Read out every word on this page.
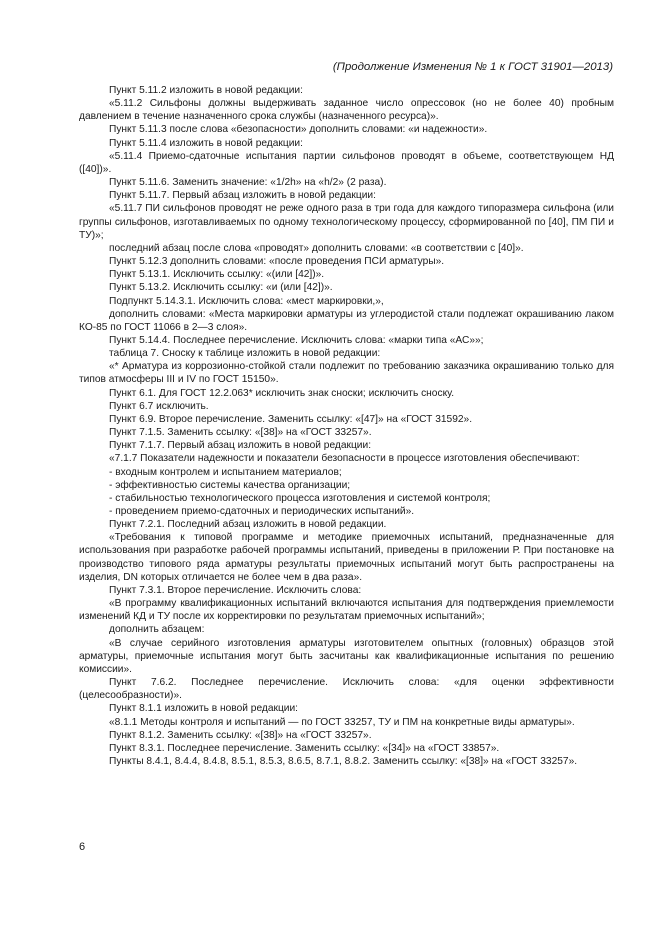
(Продолжение Изменения № 1 к ГОСТ 31901—2013)

Пункт 5.11.2 изложить в новой редакции:

«5.11.2 Сильфоны должны выдерживать заданное число опрессовок (но не более 40) пробным давлением в течение назначенного срока службы (назначенного ресурса)».

Пункт 5.11.3 после слова «безопасности» дополнить словами: «и надежности».

Пункт 5.11.4 изложить в новой редакции:

«5.11.4 Приемо-сдаточные испытания партии сильфонов проводят в объеме, соответствующем НД ([40])».

Пункт 5.11.6. Заменить значение: «1/2h» на «h/2» (2 раза).

Пункт 5.11.7. Первый абзац изложить в новой редакции:

«5.11.7 ПИ сильфонов проводят не реже одного раза в три года для каждого типоразмера сильфона (или группы сильфонов, изготавливаемых по одному технологическому процессу, сформированной по [40], ПМ ПИ и ТУ)»;

последний абзац после слова «проводят» дополнить словами: «в соответствии с [40]».

Пункт 5.12.3 дополнить словами: «после проведения ПСИ арматуры».

Пункт 5.13.1. Исключить ссылку: «(или [42])».

Пункт 5.13.2. Исключить ссылку: «и (или [42])».

Подпункт 5.14.3.1. Исключить слова: «мест маркировки,»,

дополнить словами: «Места маркировки арматуры из углеродистой стали подлежат окрашиванию лаком КО-85 по ГОСТ 11066 в 2—3 слоя».

Пункт 5.14.4. Последнее перечисление. Исключить слова: «марки типа «АС»»;

таблица 7. Сноску к таблице изложить в новой редакции:

«* Арматура из коррозионно-стойкой стали подлежит по требованию заказчика окрашиванию только для типов атмосферы III и IV по ГОСТ 15150».

Пункт 6.1. Для ГОСТ 12.2.063* исключить знак сноски; исключить сноску.

Пункт 6.7 исключить.

Пункт 6.9. Второе перечисление. Заменить ссылку: «[47]» на «ГОСТ 31592».

Пункт 7.1.5. Заменить ссылку: «[38]» на «ГОСТ 33257».

Пункт 7.1.7. Первый абзац изложить в новой редакции:

«7.1.7 Показатели надежности и показатели безопасности в процессе изготовления обеспечивают:

- входным контролем и испытанием материалов;

- эффективностью системы качества организации;

- стабильностью технологического процесса изготовления и системой контроля;

- проведением приемо-сдаточных и периодических испытаний».

Пункт 7.2.1. Последний абзац изложить в новой редакции.

«Требования к типовой программе и методике приемочных испытаний, предназначенные для использования при разработке рабочей программы испытаний, приведены в приложении Р. При постановке на производство типового ряда арматуры результаты приемочных испытаний могут быть распространены на изделия, DN которых отличается не более чем в два раза».

Пункт 7.3.1. Второе перечисление. Исключить слова:

«В программу квалификационных испытаний включаются испытания для подтверждения приемлемости изменений КД и ТУ после их корректировки по результатам приемочных испытаний»;

дополнить абзацем:

«В случае серийного изготовления арматуры изготовителем опытных (головных) образцов этой арматуры, приемочные испытания могут быть засчитаны как квалификационные испытания по решению комиссии».

Пункт 7.6.2. Последнее перечисление. Исключить слова: «для оценки эффективности (целесообразности)».

Пункт 8.1.1 изложить в новой редакции:

«8.1.1 Методы контроля и испытаний — по ГОСТ 33257, ТУ и ПМ на конкретные виды арматуры».

Пункт 8.1.2. Заменить ссылку: «[38]» на «ГОСТ 33257».

Пункт 8.3.1. Последнее перечисление. Заменить ссылку: «[34]» на «ГОСТ 33857».

Пункты 8.4.1, 8.4.4, 8.4.8, 8.5.1, 8.5.3, 8.6.5, 8.7.1, 8.8.2. Заменить ссылку: «[38]» на «ГОСТ 33257».

6
